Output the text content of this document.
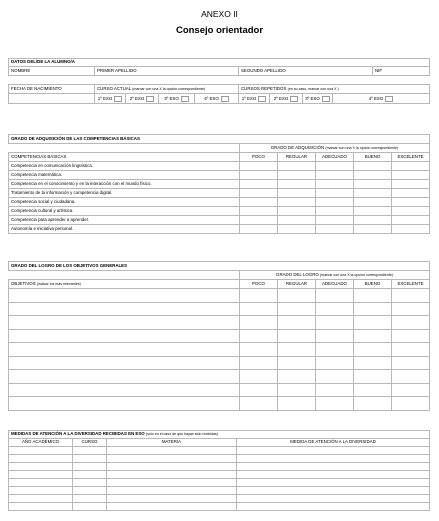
ANEXO II
Consejo orientador
DATOS DEL/DE LA ALUMNO/A									
NOMBRE	PRIMER APELLIDO				SEGUNDO APELLIDO				NIF

FECHA DE NACIMIENTO	CURSO ACTUAL (marcar con una X la opción correspondiente)				CURSOS REPETIDOS (en su caso, marcar con una X )				
	1º ESO	2º ESO	3º ESO	4º ESO	1º ESO	2º ESO	3º ESO	4º ESO	
GRADO DE ADQUISICIÓN DE LAS COMPETENCIAS BÁSICAS					
	GRADO DE ADQUISICIÓN (marcar con una X la opción correspondiente)				
COMPETENCIAS BÁSICAS	POCO	REGULAR	ADECUADO	BUENO	EXCELENTE
Competencia en comunicación lingüística.					
Competencia matemática.					
Competencia en el conocimiento y en la interacción con el mundo físico.					
Tratamiento de la información y competencia digital.					
Competencia social y ciudadana.					
Competencia cultural y artística.					
Competencia para aprender a aprender.					
Autonomía e iniciativa personal.					
GRADO DEL LOGRO DE LOS OBJETIVOS GENERALES					
	GRADO DEL LOGRO (marcar con una X la opción correspondiente)				
OBJETIVOS (indicar los más relevantes)	POCO	REGULAR	ADECUADO	BUENO	EXCELENTE

MEDIDAS DE ATENCIÓN A LA DIVERSIDAD RECIBIDAS EN ESO (sólo en el caso de que hayan sido recibidas)			
AÑO ACADÉMICO	CURSO	MATERIA	MEDIDA DE ATENCIÓN A LA DIVERSIDAD
